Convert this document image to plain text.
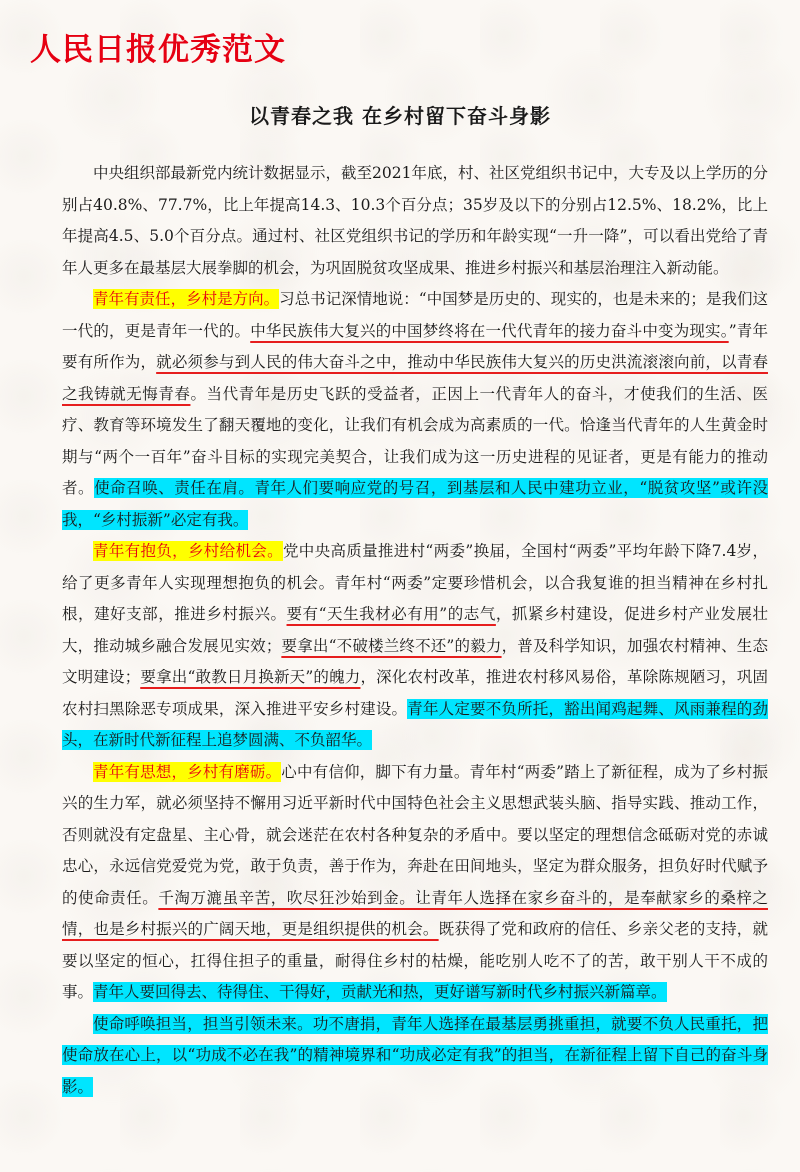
人民日报优秀范文
以青春之我 在乡村留下奋斗身影

中央组织部最新党内统计数据显示，截至2021年底，村、社区党组织书记中，大专及以上学历的分别占40.8%、77.7%，比上年提高14.3、10.3个百分点；35岁及以下的分别占12.5%、18.2%，比上年提高4.5、5.0个百分点。通过村、社区党组织书记的学历和年龄实现“一升一降”，可以看出党给了青年人更多在最基层大展拳脚的机会，为巩固脱贫攻坚成果、推进乡村振兴和基层治理注入新动能。

青年有责任，乡村是方向。习总书记深情地说：“中国梦是历史的、现实的，也是未来的；是我们这一代的，更是青年一代的。中华民族伟大复兴的中国梦终将在一代代青年的接力奋斗中变为现实。”青年要有所作为，就必须参与到人民的伟大奋斗之中，推动中华民族伟大复兴的历史洪流滚滚向前，以青春之我铸就无悔青春。当代青年是历史飞跃的受益者，正因上一代青年人的奋斗，才使我们的生活、医疗、教育等环境发生了翻天覆地的变化，让我们有机会成为高素质的一代。恰逢当代青年的人生黄金时期与“两个一百年”奋斗目标的实现完美契合，让我们成为这一历史进程的见证者，更是有能力的推动者。使命召唤、责任在肩。青年人们要响应党的号召，到基层和人民中建功立业，“脱贫攻坚”或许没我，“乡村振新”必定有我。

青年有抱负，乡村给机会。党中央高质量推进村“两委”换届，全国村“两委”平均年龄下降7.4岁，给了更多青年人实现理想抱负的机会。青年村“两委”定要珍惜机会，以合我复谁的担当精神在乡村扎根，建好支部，推进乡村振兴。要有“天生我材必有用”的志气，抓紧乡村建设，促进乡村产业发展壮大，推动城乡融合发展见实效；要拿出“不破楼兰终不还”的毅力，普及科学知识，加强农村精神、生态文明建设；要拿出“敢教日月换新天”的魄力，深化农村改革，推进农村移风易俗，革除陈规陋习，巩固农村扫黑除恶专项成果，深入推进平安乡村建设。青年人定要不负所托，豁出闻鸡起舞、风雨兼程的劲头，在新时代新征程上追梦圆满、不负韶华。

青年有思想，乡村有磨砺。心中有信仰，脚下有力量。青年村“两委”踏上了新征程，成为了乡村振兴的生力军，就必须坚持不懈用习近平新时代中国特色社会主义思想武装头脑、指导实践、推动工作，否则就没有定盘星、主心骨，就会迷茫在农村各种复杂的矛盾中。要以坚定的理想信念砥砺对党的赤诚忠心，永远信党爱党为党，敢于负责，善于作为，奔赴在田间地头，坚定为群众服务，担负好时代赋予的使命责任。千淘万漉虽辛苦，吹尽狂沙始到金。让青年人选择在家乡奋斗的，是奉献家乡的桑梓之情，也是乡村振兴的广阔天地，更是组织提供的机会。既获得了党和政府的信任、乡亲父老的支持，就要以坚定的恒心，扛得住担子的重量，耐得住乡村的枯燥，能吃别人吃不了的苦，敢干别人干不成的事。青年人要回得去、待得住、干得好，贡献光和热，更好谱写新时代乡村振兴新篇章。

使命呼唤担当，担当引领未来。功不唐捐，青年人选择在最基层勇挑重担，就要不负人民重托，把使命放在心上，以“功成不必在我”的精神境界和“功成必定有我”的担当，在新征程上留下自己的奋斗身影。
